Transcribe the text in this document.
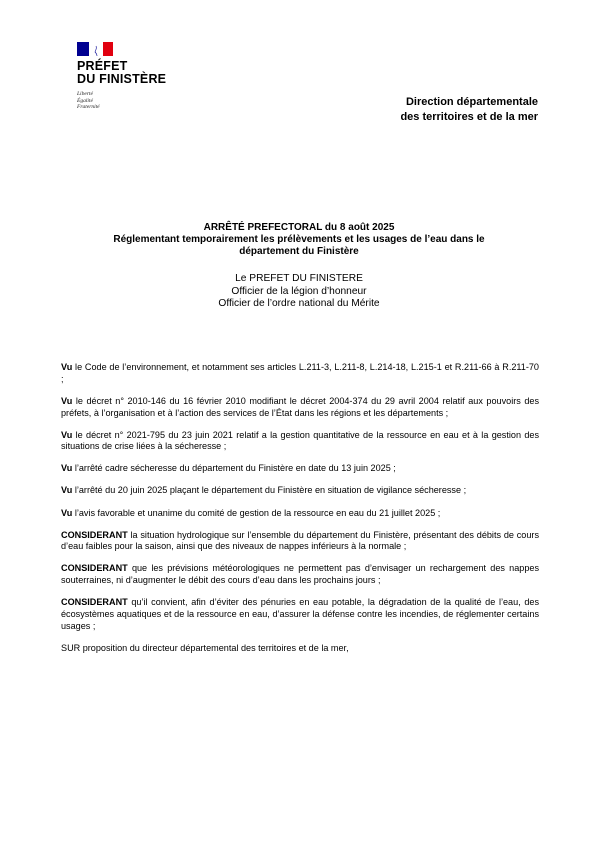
PRÉFET
DU FINISTÈRE
Liberté
Égalité
Fraternité	Direction départementale
des territoires et de la mer
ARRÊTÉ PREFECTORAL du 8 août 2025
Réglementant temporairement les prélèvements et les usages de l’eau dans le
département du Finistère
Le PREFET DU FINISTERE
Officier de la légion d’honneur
Officier de l’ordre national du Mérite

Vu le Code de l’environnement, et notamment ses articles L.211-3, L.211-8, L.214-18, L.215-1 et R.211-66 à R.211-70 ;

Vu le décret n° 2010-146 du 16 février 2010 modifiant le décret 2004-374 du 29 avril 2004 relatif aux pouvoirs des préfets, à l’organisation et à l’action des services de l’État dans les régions et les départements ;

Vu le décret n° 2021-795 du 23 juin 2021 relatif a la gestion quantitative de la ressource en eau et à la gestion des situations de crise liées à la sécheresse ;

Vu l’arrêté cadre sécheresse du département du Finistère en date du 13 juin 2025 ;

Vu l’arrêté du 20 juin 2025 plaçant le département du Finistère en situation de vigilance sécheresse ;

Vu l’avis favorable et unanime du comité de gestion de la ressource en eau du 21 juillet 2025 ;

CONSIDERANT la situation hydrologique sur l’ensemble du département du Finistère, présentant des débits de cours d’eau faibles pour la saison, ainsi que des niveaux de nappes inférieurs à la normale ;

CONSIDERANT que les prévisions météorologiques ne permettent pas d’envisager un rechargement des nappes souterraines, ni d’augmenter le débit des cours d’eau dans les prochains jours ;

CONSIDERANT qu’il convient, afin d’éviter des pénuries en eau potable, la dégradation de la qualité de l’eau, des écosystèmes aquatiques et de la ressource en eau, d’assurer la défense contre les incendies, de réglementer certains usages ;

SUR proposition du directeur départemental des territoires et de la mer,
